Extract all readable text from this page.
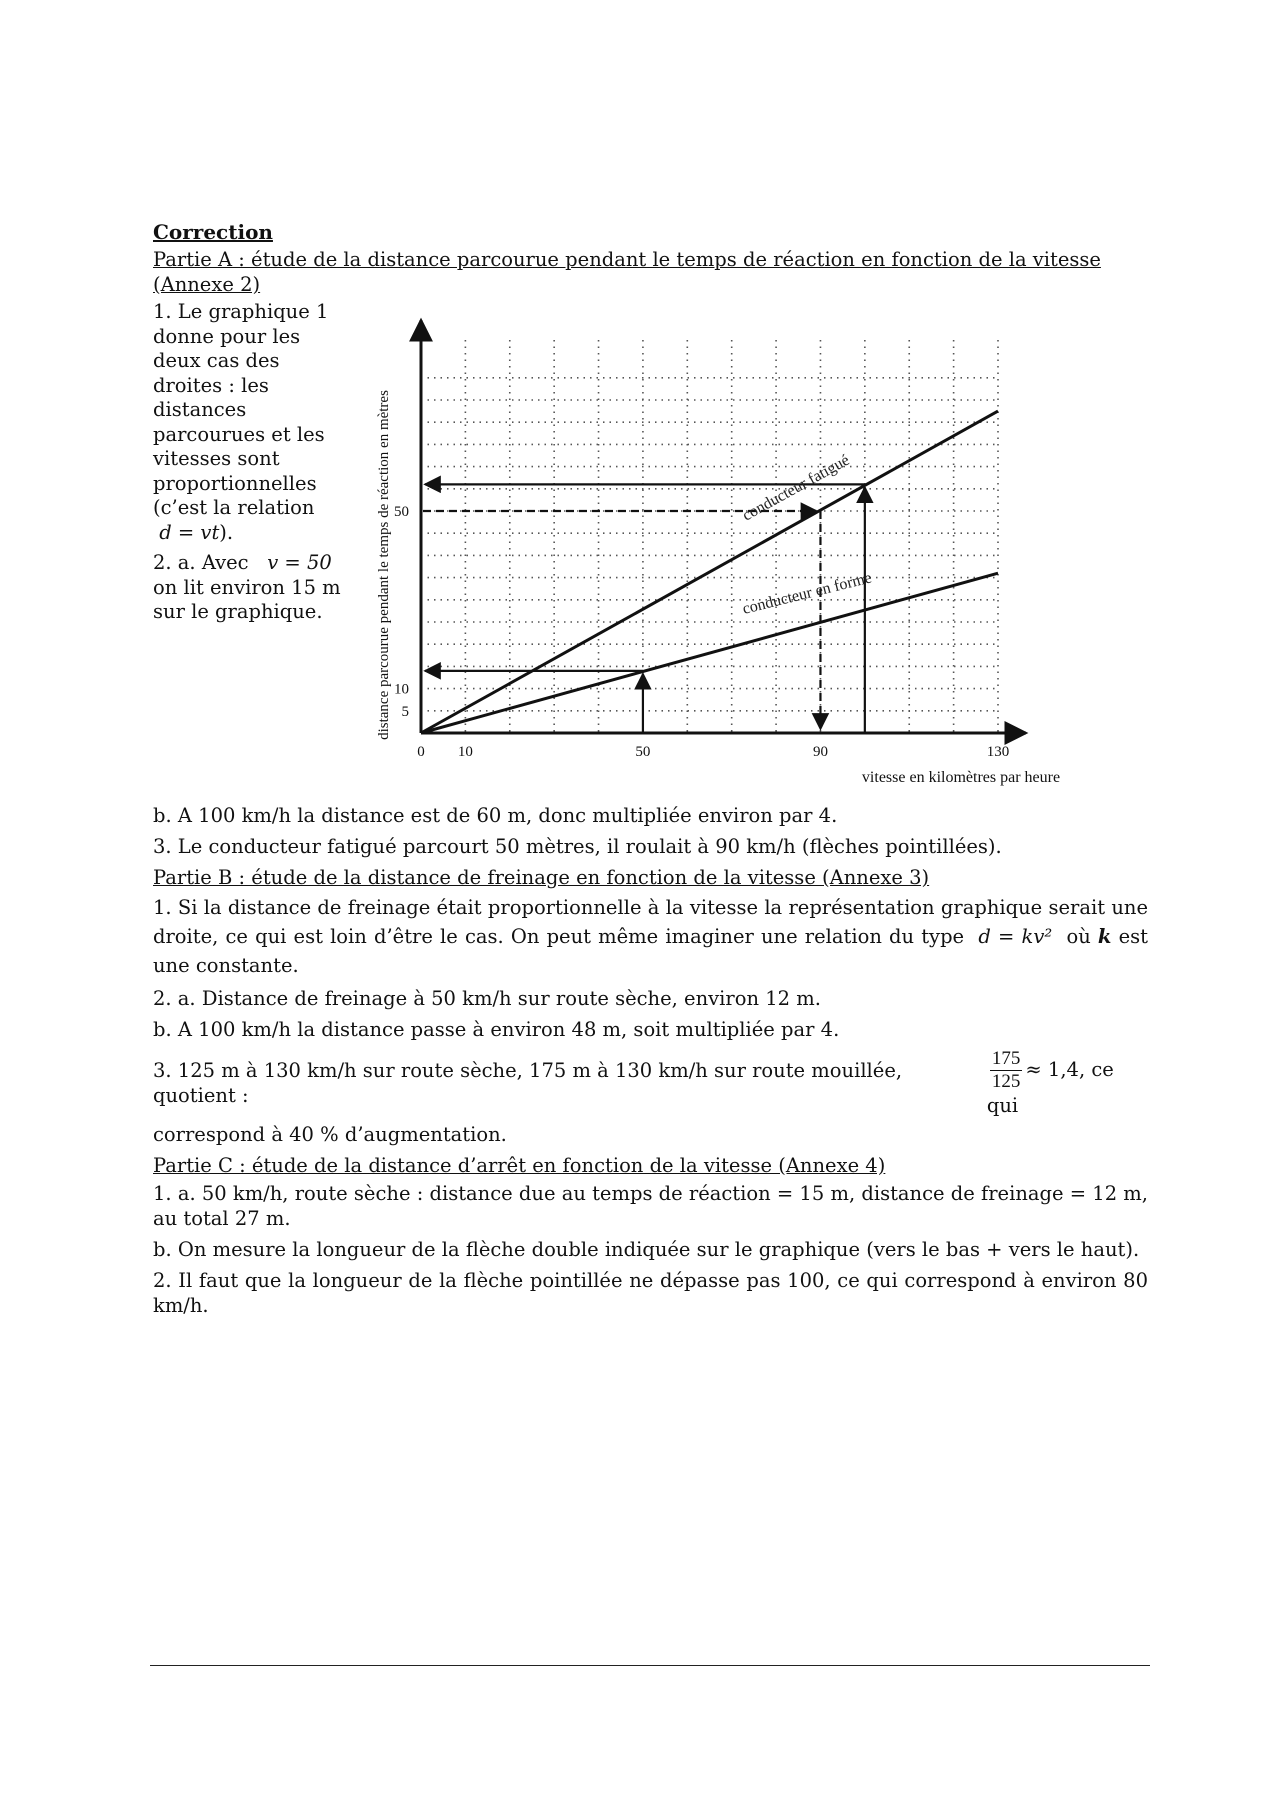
Correction

Partie A : étude de la distance parcourue pendant le temps de réaction en fonction de la vitesse (Annexe 2)

1. Le graphique 1

donne pour les

deux cas des

droites : les

distances

parcourues et les

vitesses sont

proportionnelles

(c’est la relation

d = vt).

2. a. Avec v = 50

on lit environ 15 m

sur le graphique.

0 10	50	90	130
5
10
50
distance parcourue pendant le temps de réaction en mètres
vitesse en kilomètres par heure
conducteur fatigué
conducteur en forme

b. A 100 km/h la distance est de 60 m, donc multipliée environ par 4.

3. Le conducteur fatigué parcourt 50 mètres, il roulait à 90 km/h (flèches pointillées).

Partie B : étude de la distance de freinage en fonction de la vitesse (Annexe 3)

1. Si la distance de freinage était proportionnelle à la vitesse la représentation graphique serait une droite, ce qui est loin d’être le cas. On peut même imaginer une relation du type d = kv² où k est une constante.

2. a. Distance de freinage à 50 km/h sur route sèche, environ 12 m.

b. A 100 km/h la distance passe à environ 48 m, soit multipliée par 4.

3. 125 m à 130 km/h sur route sèche, 175 m à 130 km/h sur route mouillée, quotient :
$\frac{175}{125} \approx 1,4$, ce qui

correspond à 40 % d’augmentation.

Partie C : étude de la distance d’arrêt en fonction de la vitesse (Annexe 4)

1. a. 50 km/h, route sèche : distance due au temps de réaction = 15 m, distance de freinage = 12 m, au total 27 m.

b. On mesure la longueur de la flèche double indiquée sur le graphique (vers le bas + vers le haut).

2. Il faut que la longueur de la flèche pointillée ne dépasse pas 100, ce qui correspond à environ 80 km/h.
